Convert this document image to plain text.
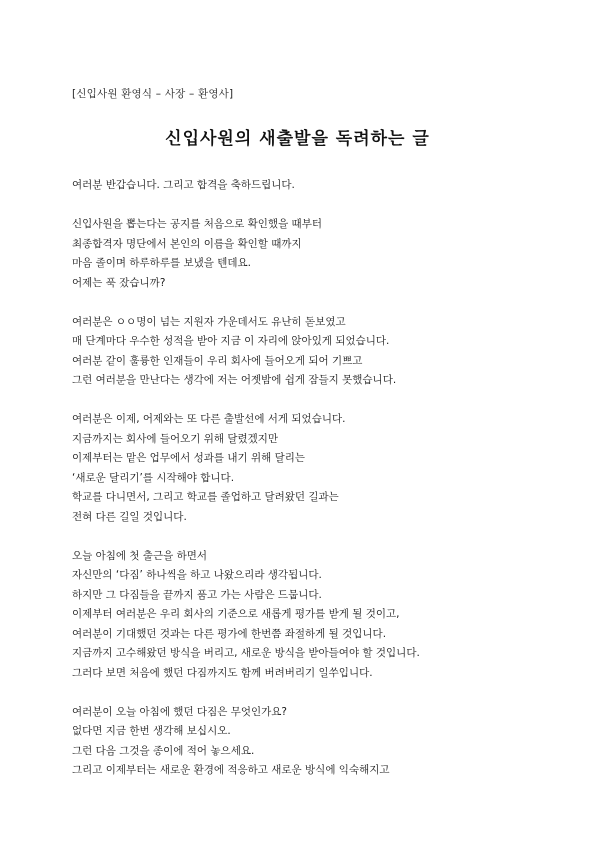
[신입사원 환영식 – 사장 – 환영사]
신입사원의 새출발을 독려하는 글
여러분 반갑습니다. 그리고 합격을 축하드립니다.
신입사원을 뽑는다는 공지를 처음으로 확인했을 때부터
최종합격자 명단에서 본인의 이름을 확인할 때까지
마음 졸이며 하루하루를 보냈을 텐데요.
어제는 푹 잤습니까?
여러분은 ㅇㅇ명이 넘는 지원자 가운데서도 유난히 돋보였고
매 단계마다 우수한 성적을 받아 지금 이 자리에 앉아있게 되었습니다.
여러분 같이 훌륭한 인재들이 우리 회사에 들어오게 되어 기쁘고
그런 여러분을 만난다는 생각에 저는 어젯밤에 쉽게 잠들지 못했습니다.
여러분은 이제, 어제와는 또 다른 출발선에 서게 되었습니다.
지금까지는 회사에 들어오기 위해 달렸겠지만
이제부터는 맡은 업무에서 성과를 내기 위해 달리는
‘새로운 달리기’를 시작해야 합니다.
학교를 다니면서, 그리고 학교를 졸업하고 달려왔던 길과는
전혀 다른 길일 것입니다.
오늘 아침에 첫 출근을 하면서
자신만의 ‘다짐’ 하나씩을 하고 나왔으리라 생각됩니다.
하지만 그 다짐들을 끝까지 품고 가는 사람은 드뭅니다.
이제부터 여러분은 우리 회사의 기준으로 새롭게 평가를 받게 될 것이고,
여러분이 기대했던 것과는 다른 평가에 한번쯤 좌절하게 될 것입니다.
지금까지 고수해왔던 방식을 버리고, 새로운 방식을 받아들여야 할 것입니다.
그러다 보면 처음에 했던 다짐까지도 함께 버려버리기 일쑤입니다.
여러분이 오늘 아침에 했던 다짐은 무엇인가요?
없다면 지금 한번 생각해 보십시오.
그런 다음 그것을 종이에 적어 놓으세요.
그리고 이제부터는 새로운 환경에 적응하고 새로운 방식에 익숙해지고
